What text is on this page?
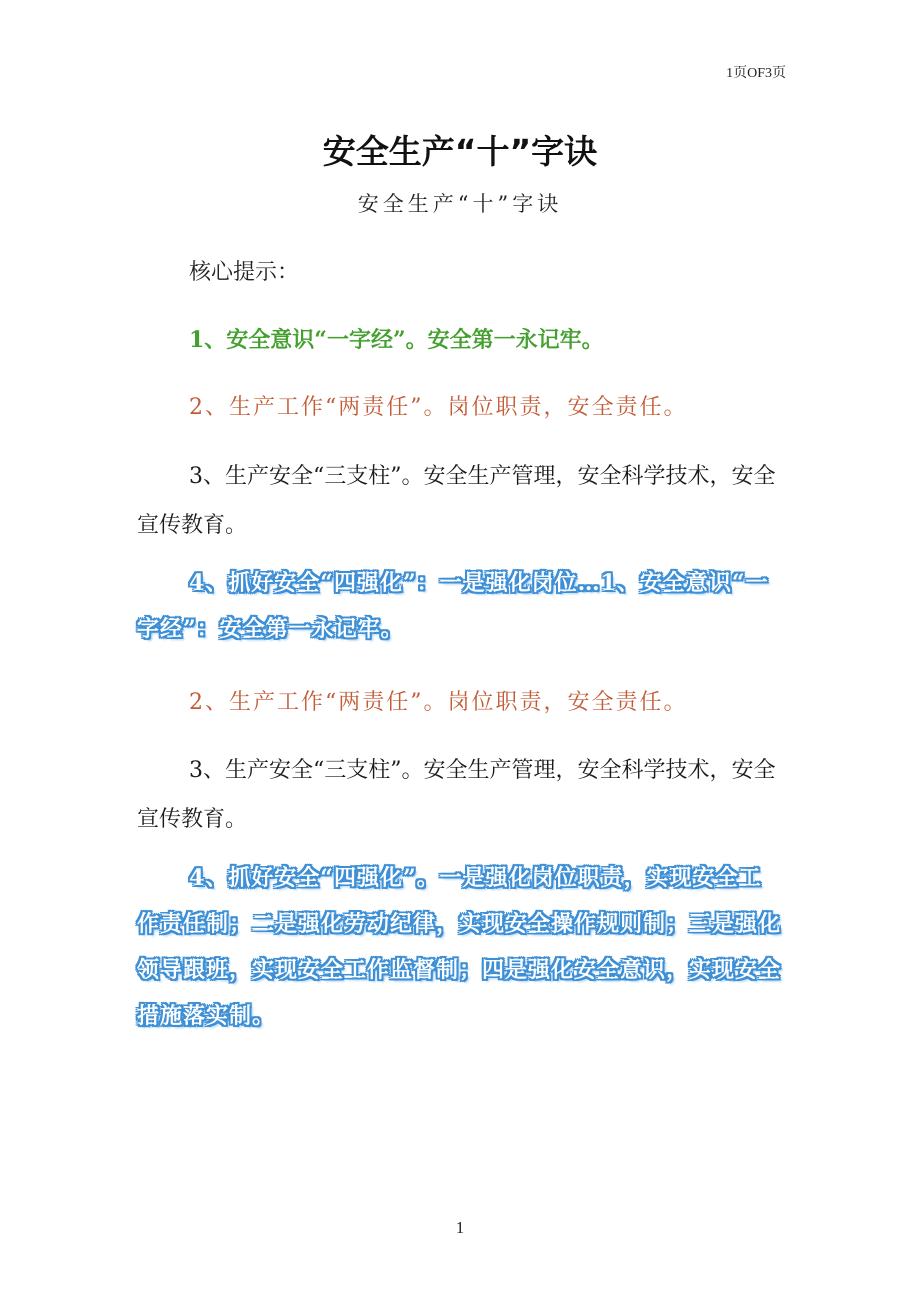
1页OF3页
安全生产“十”字诀
安全生产“十”字诀

核心提示：

1、安全意识“一字经”。安全第一永记牢。

2、生产工作“两责任”。岗位职责，安全责任。

3、生产安全“三支柱”。安全生产管理，安全科学技术，安全宣传教育。

4、抓好安全“四强化”：一是强化岗位…1、安全意识“一字经”：安全第一永记牢。

2、生产工作“两责任”。岗位职责，安全责任。

3、生产安全“三支柱”。安全生产管理，安全科学技术，安全宣传教育。

4、抓好安全“四强化”。一是强化岗位职责，实现安全工作责任制；二是强化劳动纪律，实现安全操作规则制；三是强化领导跟班，实现安全工作监督制；四是强化安全意识，实现安全措施落实制。

1
